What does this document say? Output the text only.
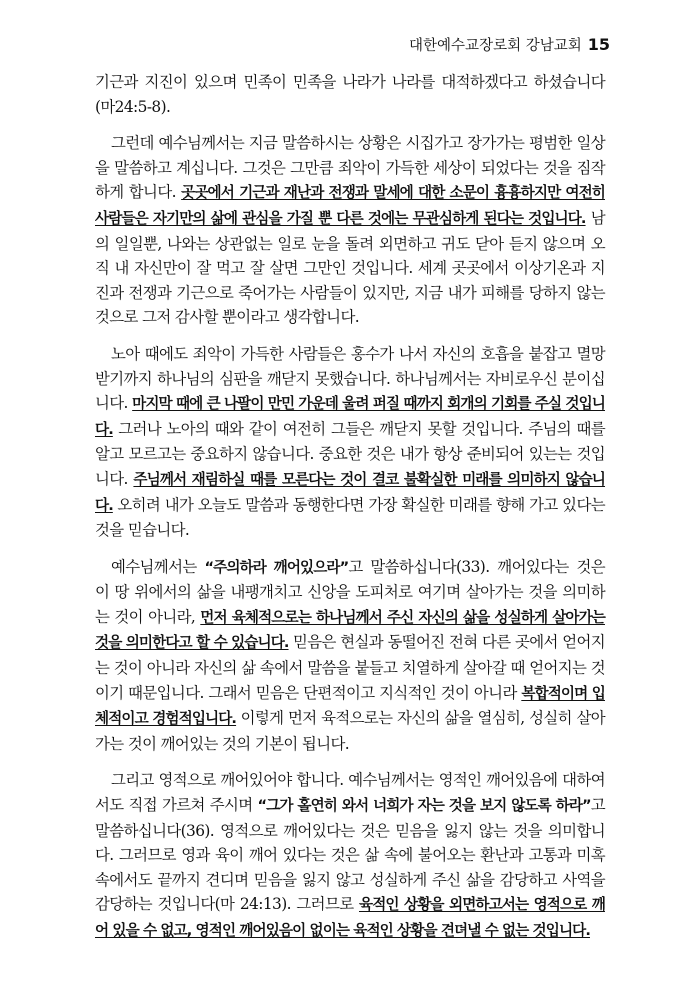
대한예수교장로회 강남교회 15

기근과 지진이 있으며 민족이 민족을 나라가 나라를 대적하겠다고 하셨습니다(마24:5-8).

그런데 예수님께서는 지금 말씀하시는 상황은 시집가고 장가가는 평범한 일상을 말씀하고 계십니다. 그것은 그만큼 죄악이 가득한 세상이 되었다는 것을 짐작하게 합니다. 곳곳에서 기근과 재난과 전쟁과 말세에 대한 소문이 흉흉하지만 여전히 사람들은 자기만의 삶에 관심을 가질 뿐 다른 것에는 무관심하게 된다는 것입니다. 남의 일일뿐, 나와는 상관없는 일로 눈을 돌려 외면하고 귀도 닫아 듣지 않으며 오직 내 자신만이 잘 먹고 잘 살면 그만인 것입니다. 세계 곳곳에서 이상기온과 지진과 전쟁과 기근으로 죽어가는 사람들이 있지만, 지금 내가 피해를 당하지 않는 것으로 그저 감사할 뿐이라고 생각합니다.

노아 때에도 죄악이 가득한 사람들은 홍수가 나서 자신의 호흡을 붙잡고 멸망받기까지 하나님의 심판을 깨닫지 못했습니다. 하나님께서는 자비로우신 분이십니다. 마지막 때에 큰 나팔이 만민 가운데 울려 퍼질 때까지 회개의 기회를 주실 것입니다. 그러나 노아의 때와 같이 여전히 그들은 깨닫지 못할 것입니다. 주님의 때를 알고 모르고는 중요하지 않습니다. 중요한 것은 내가 항상 준비되어 있는는 것입니다. 주님께서 재림하실 때를 모른다는 것이 결코 불확실한 미래를 의미하지 않습니다. 오히려 내가 오늘도 말씀과 동행한다면 가장 확실한 미래를 향해 가고 있다는 것을 믿습니다.

예수님께서는 “주의하라 깨어있으라”고 말씀하십니다(33). 깨어있다는 것은 이 땅 위에서의 삶을 내팽개치고 신앙을 도피처로 여기며 살아가는 것을 의미하는 것이 아니라, 먼저 육체적으로는 하나님께서 주신 자신의 삶을 성실하게 살아가는 것을 의미한다고 할 수 있습니다. 믿음은 현실과 동떨어진 전혀 다른 곳에서 얻어지는 것이 아니라 자신의 삶 속에서 말씀을 붙들고 치열하게 살아갈 때 얻어지는 것이기 때문입니다. 그래서 믿음은 단편적이고 지식적인 것이 아니라 복합적이며 입체적이고 경험적입니다. 이렇게 먼저 육적으로는 자신의 삶을 열심히, 성실히 살아가는 것이 깨어있는 것의 기본이 됩니다.

그리고 영적으로 깨어있어야 합니다. 예수님께서는 영적인 깨어있음에 대하여서도 직접 가르쳐 주시며 “그가 홀연히 와서 너희가 자는 것을 보지 않도록 하라”고 말씀하십니다(36). 영적으로 깨어있다는 것은 믿음을 잃지 않는 것을 의미합니다. 그러므로 영과 육이 깨어 있다는 것은 삶 속에 불어오는 환난과 고통과 미혹 속에서도 끝까지 견디며 믿음을 잃지 않고 성실하게 주신 삶을 감당하고 사역을 감당하는 것입니다(마 24:13). 그러므로 육적인 상황을 외면하고서는 영적으로 깨어 있을 수 없고, 영적인 깨어있음이 없이는 육적인 상황을 견뎌낼 수 없는 것입니다.
